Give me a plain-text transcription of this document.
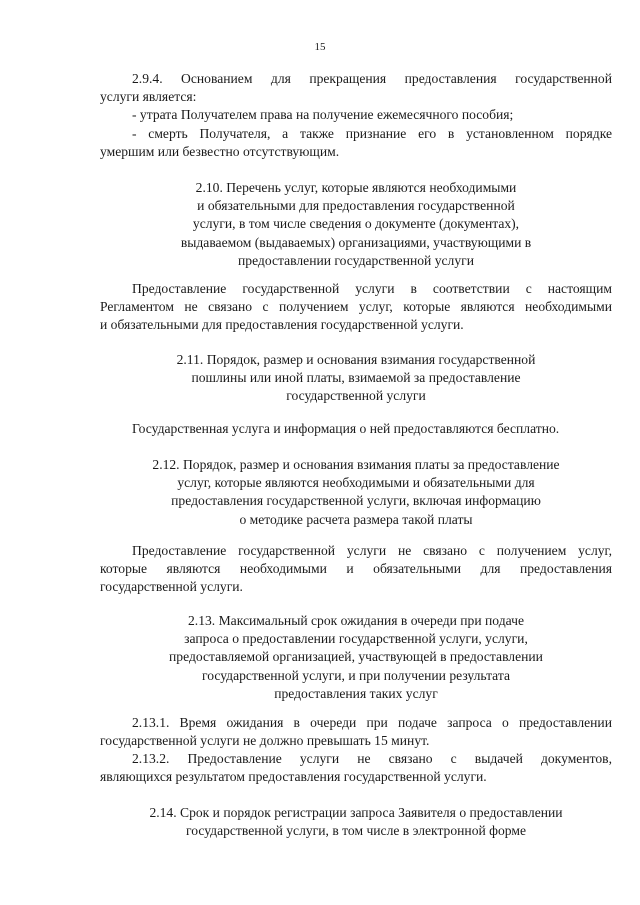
15
2.9.4. Основанием для прекращения предоставления государственной
услуги является:
- утрата Получателем права на получение ежемесячного пособия;
- смерть Получателя, а также признание его в установленном порядке
умершим или безвестно отсутствующим.
2.10. Перечень услуг, которые являются необходимыми
и обязательными для предоставления государственной
услуги, в том числе сведения о документе (документах),
выдаваемом (выдаваемых) организациями, участвующими в
предоставлении государственной услуги
Предоставление государственной услуги в соответствии с настоящим
Регламентом не связано с получением услуг, которые являются необходимыми
и обязательными для предоставления государственной услуги.
2.11. Порядок, размер и основания взимания государственной
пошлины или иной платы, взимаемой за предоставление
государственной услуги
Государственная услуга и информация о ней предоставляются бесплатно.
2.12. Порядок, размер и основания взимания платы за предоставление
услуг, которые являются необходимыми и обязательными для
предоставления государственной услуги, включая информацию
о методике расчета размера такой платы
Предоставление государственной услуги не связано с получением услуг,
которые являются необходимыми и обязательными для предоставления
государственной услуги.
2.13. Максимальный срок ожидания в очереди при подаче
запроса о предоставлении государственной услуги, услуги,
предоставляемой организацией, участвующей в предоставлении
государственной услуги, и при получении результата
предоставления таких услуг
2.13.1. Время ожидания в очереди при подаче запроса о предоставлении
государственной услуги не должно превышать 15 минут.
2.13.2. Предоставление услуги не связано с выдачей документов,
являющихся результатом предоставления государственной услуги.
2.14. Срок и порядок регистрации запроса Заявителя о предоставлении
государственной услуги, в том числе в электронной форме
